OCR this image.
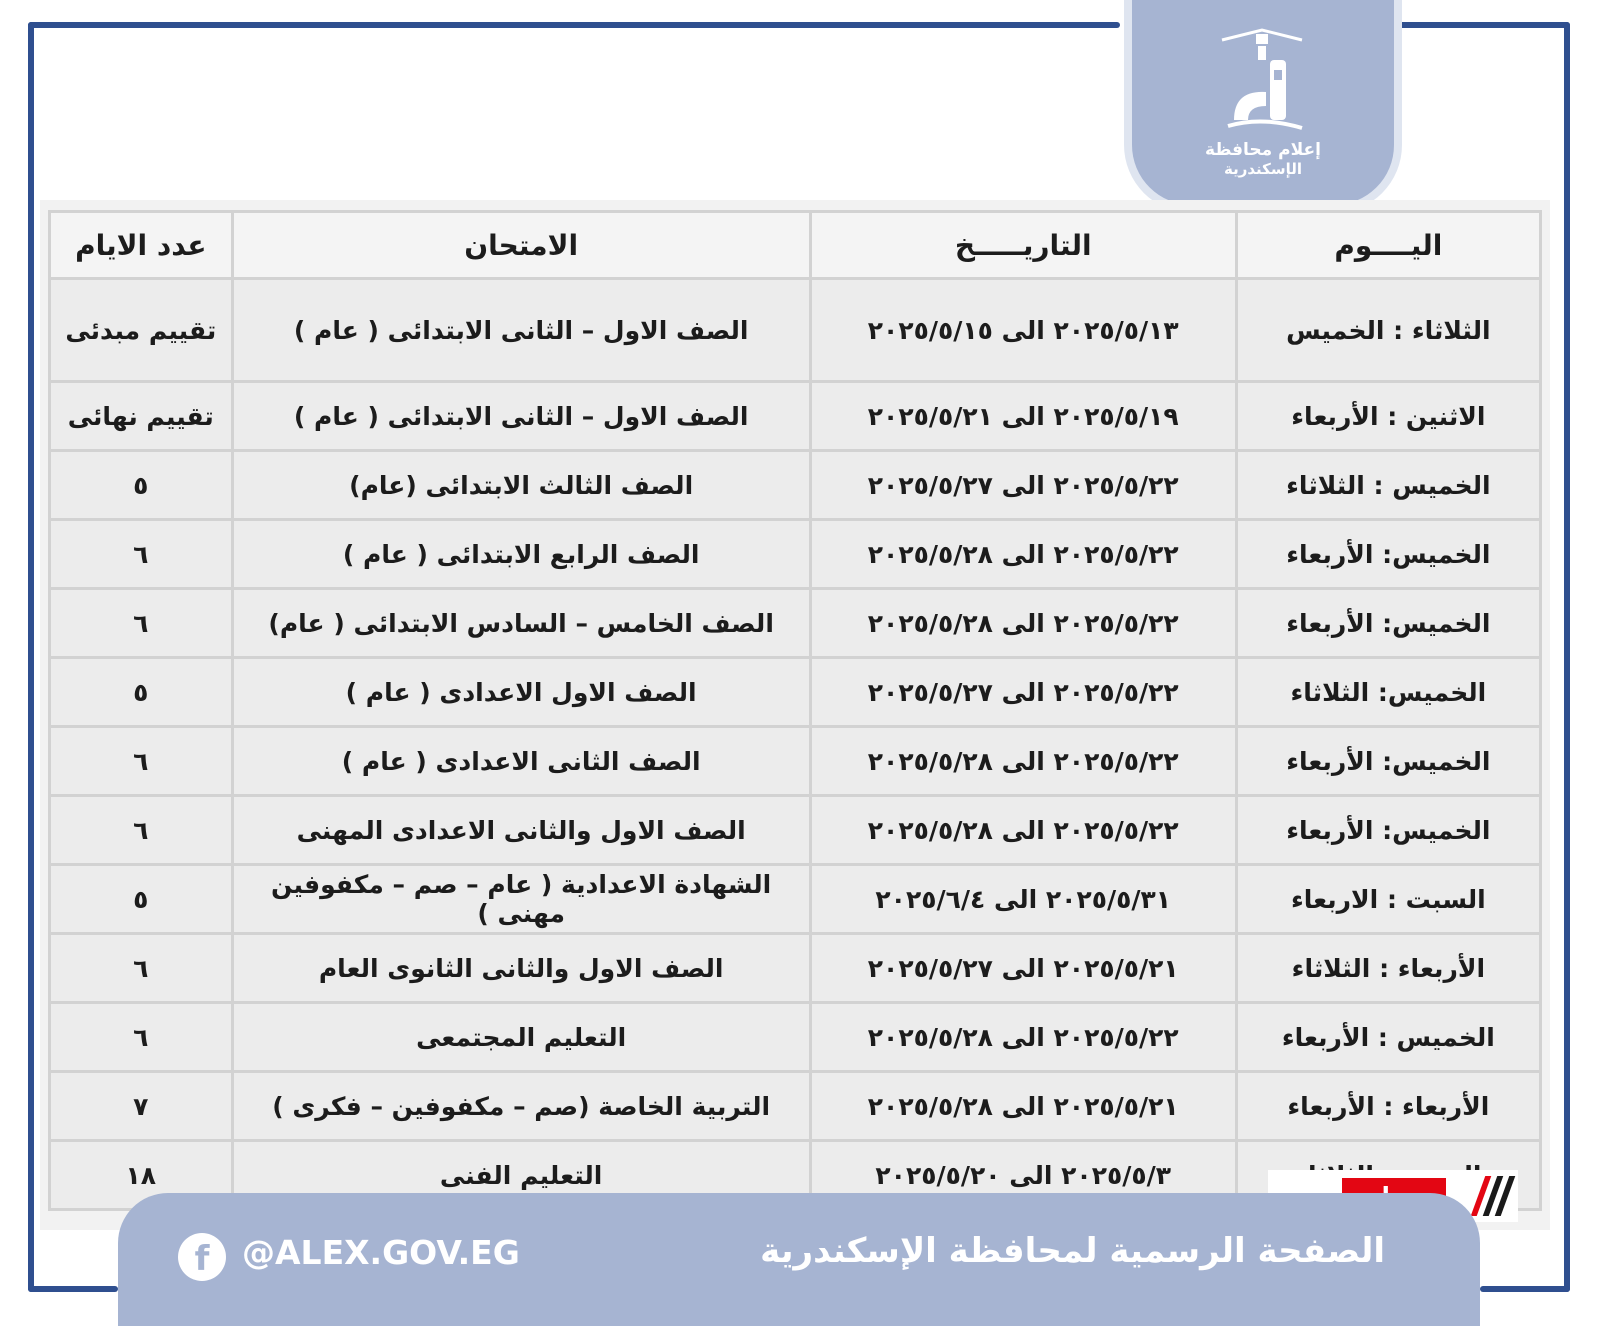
إعلام محافظة
الإسكندرية
اليــــوم	التاريـــــخ	الامتحان	عدد الايام
الثلاثاء : الخميس	٢٠٢٥/٥/١٣ الى ٢٠٢٥/٥/١٥	الصف الاول – الثانى الابتدائى ( عام )	تقييم مبدئى
الاثنين : الأربعاء	٢٠٢٥/٥/١٩ الى ٢٠٢٥/٥/٢١	الصف الاول – الثانى الابتدائى ( عام )	تقييم نهائى
الخميس : الثلاثاء	٢٠٢٥/٥/٢٢ الى ٢٠٢٥/٥/٢٧	الصف الثالث الابتدائى (عام)	٥
الخميس: الأربعاء	٢٠٢٥/٥/٢٢ الى ٢٠٢٥/٥/٢٨	الصف الرابع الابتدائى ( عام )	٦
الخميس: الأربعاء	٢٠٢٥/٥/٢٢ الى ٢٠٢٥/٥/٢٨	الصف الخامس – السادس الابتدائى ( عام)	٦
الخميس: الثلاثاء	٢٠٢٥/٥/٢٢ الى ٢٠٢٥/٥/٢٧	الصف الاول الاعدادى ( عام )	٥
الخميس: الأربعاء	٢٠٢٥/٥/٢٢ الى ٢٠٢٥/٥/٢٨	الصف الثانى الاعدادى ( عام )	٦
الخميس: الأربعاء	٢٠٢٥/٥/٢٢ الى ٢٠٢٥/٥/٢٨	الصف الاول والثانى الاعدادى المهنى	٦
السبت : الاربعاء	٢٠٢٥/٥/٣١ الى ٢٠٢٥/٦/٤	الشهادة الاعدادية ( عام – صم – مكفوفين مهنى )	٥
الأربعاء : الثلاثاء	٢٠٢٥/٥/٢١ الى ٢٠٢٥/٥/٢٧	الصف الاول والثانى الثانوى العام	٦
الخميس : الأربعاء	٢٠٢٥/٥/٢٢ الى ٢٠٢٥/٥/٢٨	التعليم المجتمعى	٦
الأربعاء : الأربعاء	٢٠٢٥/٥/٢١ الى ٢٠٢٥/٥/٢٨	التربية الخاصة (صم – مكفوفين – فكرى )	٧
	٢٠٢٥/٥/٣ الى ٢٠٢٥/٥/٢٠	التعليم الفنى	١٨
f @ALEX.GOV.EG	الصفحة الرسمية لمحافظة الإسكندرية
